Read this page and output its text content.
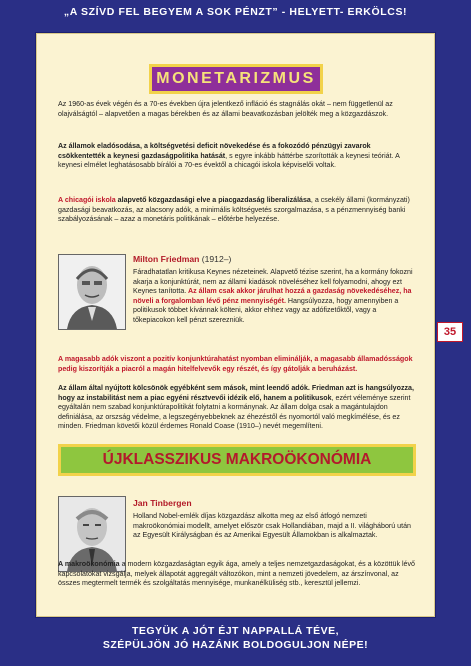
„A SZÍVD FEL BEGYEM A SOK PÉNZT” - HELYETT- ERKÖLCS!
35
MONETARIZMUS

Az 1960-as évek végén és a 70-es években újra jelentkező infláció és stagnálás okát – nem függetlenül az olajválságtól – alapvetően a magas bérekben és az állami beavatkozásban jelölték meg a közgazdászok.

Az államok eladósodása, a költségvetési deficit növekedése és a fokozódó pénzügyi zavarok csökkentették a keynesi gazdaságpolitika hatását, s egyre inkább háttérbe szorították a keynesi teóriát. A keynesi elmélet leghatásosabb bírálói a 70-es évektől a chicagói iskola képviselői voltak.

A chicagói iskola alapvető közgazdasági elve a piacgazdaság liberalizálása, a csekély állami (kormányzati) gazdasági beavatkozás, az alacsony adók, a minimális költségvetés szorgalmazása, s a pénzmennyiség banki szabályozásának – azaz a monetáris politikának – előtérbe helyezése.

Milton Friedman (1912–)

Fáradhatatlan kritikusa Keynes nézeteinek. Alapvető tézise szerint, ha a kormány fokozni akarja a konjunktúrát, nem az állami kiadások növeléséhez kell folyamodni, ahogy ezt Keynes tanította. Az állam csak akkor járulhat hozzá a gazdaság növekedéséhez, ha növeli a forgalomban lévő pénz mennyiségét. Hangsúlyozza, hogy amennyiben a politikusok többet kívánnak költeni, akkor ehhez vagy az adófizetőktől, vagy a tőkepiacokon kell pénzt szerezniük.

A magasabb adók viszont a pozitív konjunktúrahatást nyomban eliminálják, a magasabb államadósságok pedig kiszorítják a piacról a magán hitelfelvevők egy részét, és így gátolják a beruházást.

Az állam által nyújtott kölcsönök egyébként sem mások, mint leendő adók. Friedman azt is hangsúlyozza, hogy az instabilitást nem a piac egyéni résztvevői idézik elő, hanem a politikusok, ezért véleménye szerint egyáltalán nem szabad konjunktúrapolitikát folytatni a kormánynak. Az állam dolga csak a magántulajdon definiálása, az orszság védelme, a legszegényebbeknek az éhezéstől és nyomortól való megkímélése, és ez minden. Friedman követői közül érdemes Ronald Coase (1910–) nevét megemlíteni.

ÚJKLASSZIKUS MAKROÖKONÓMIA
Jan Tinbergen

Holland Nobel-emlék díjas közgazdász alkotta meg az első átfogó nemzeti makroökonómiai modellt, amelyet először csak Hollandiában, majd a II. világháború után az Egyesült Királyságban és az Amerikai Egyesült Államokban is alkalmaztak.

A makroökonómia a modern közgazdaságtan egyik ága, amely a teljes nemzetgazdaságokat, és a közöttük lévő kapcsolatokat vizsgálja, melyek állapotát aggregált változókon, mint a nemzeti jövedelem, az árszínvonal, az összes megtermelt termék és szolgáltatás mennyisége, munkanélküliség stb., keresztül jellemzi.

TEGYÜK A JÓT ÉJT NAPPALLÁ TÉVE,
SZÉPÜLJÖN JÓ HAZÁNK BOLDOGULJON NÉPE!
